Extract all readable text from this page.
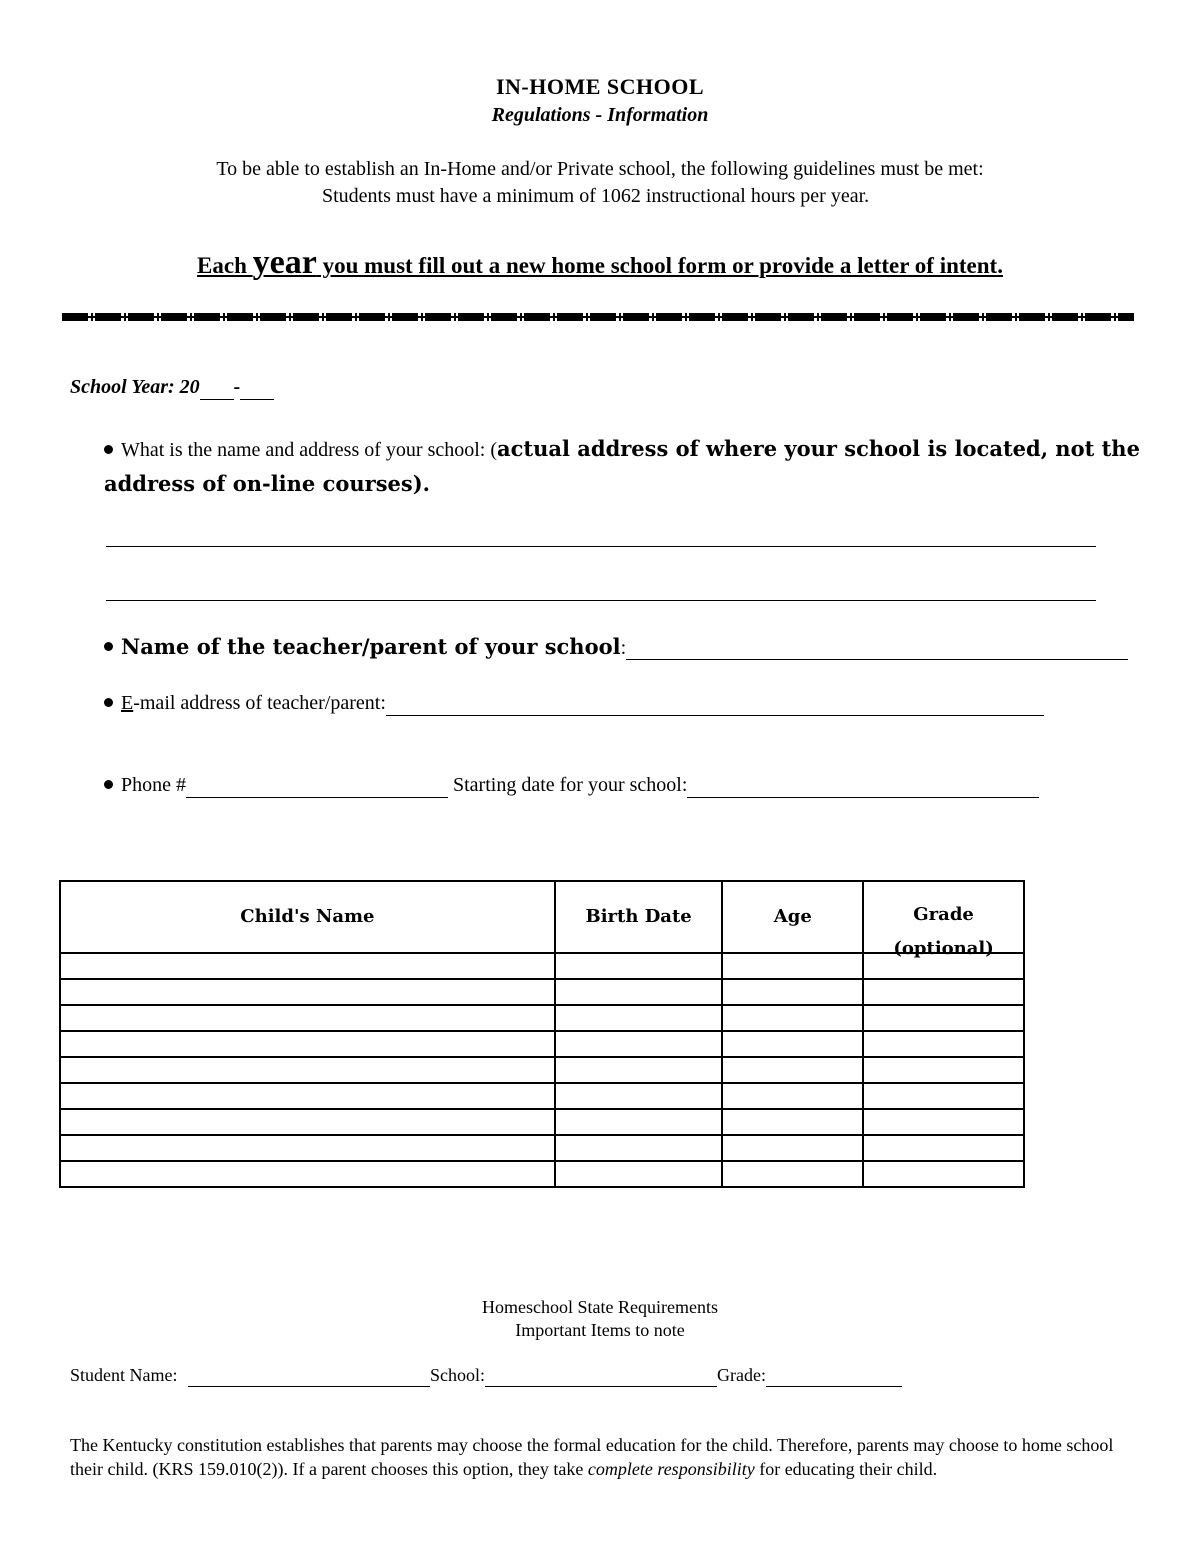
IN-HOME SCHOOL
Regulations - Information
To be able to establish an In-Home and/or Private school, the following guidelines must be met:
Students must have a minimum of 1062 instructional hours per year.
Each year you must fill out a new home school form or provide a letter of intent.
School Year: 20 -
What is the name and address of your school: (actual address of where your school is located, not the address of on-line courses).
Name of the teacher/parent of your school:
E-mail address of teacher/parent:
Phone #	Starting date for your school:
Child's Name	Birth Date	Age	Grade

(optional)

Homeschool State Requirements
Important Items to note
Student Name:	School:	Grade:
The Kentucky constitution establishes that parents may choose the formal education for the child. Therefore, parents may choose to home school their child. (KRS 159.010(2)). If a parent chooses this option, they take complete responsibility for educating their child.
